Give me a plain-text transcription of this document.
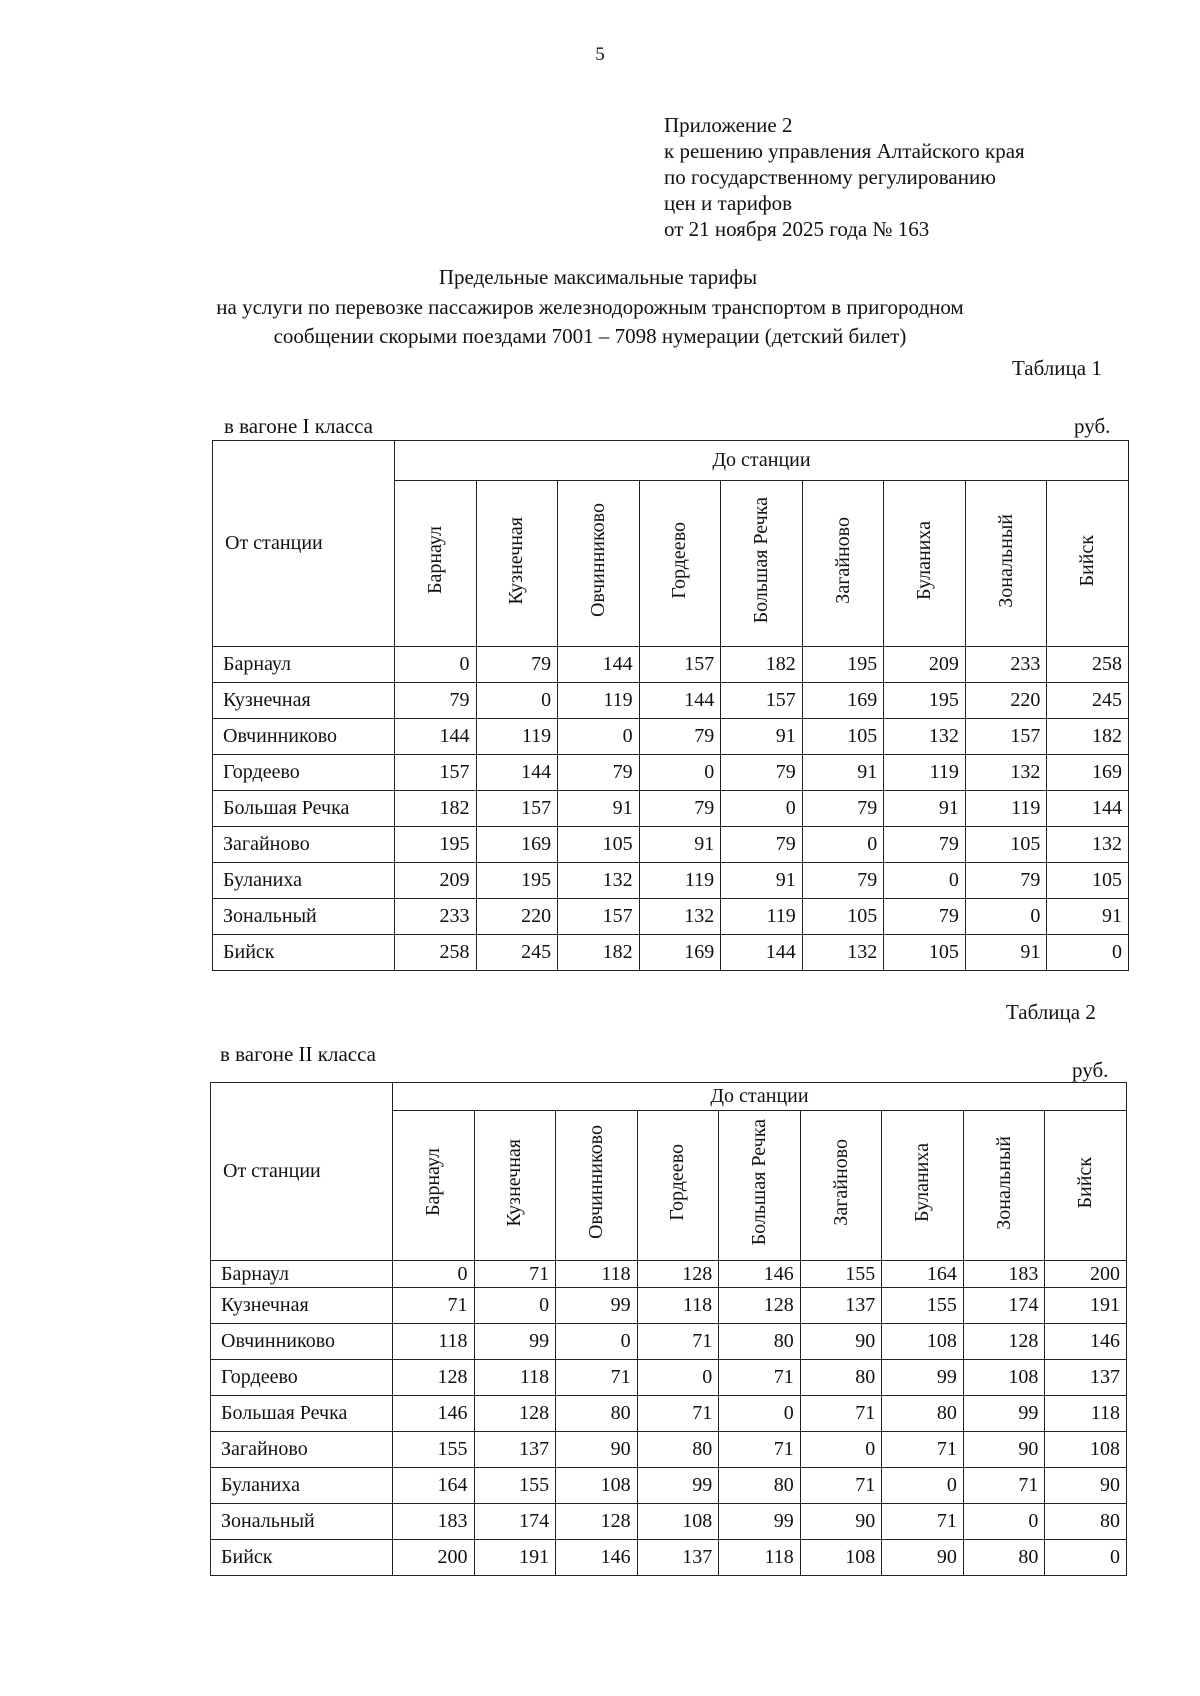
5
Приложение 2
к решению управления Алтайского края
по государственному регулированию
цен и тарифов
от 21 ноября 2025 года № 163
Предельные максимальные тарифы
на услуги по перевозке пассажиров железнодорожным транспортом в пригородном
сообщении скорыми поездами 7001 – 7098 нумерации (детский билет)
Таблица 1
в вагоне I класса	руб.
От станции	До станции								
	Барнаул	Кузнечная	Овчинниково	Гордеево	Большая Речка	Загайново	Буланиха	Зональный	Бийск
Барнаул	0	79	144	157	182	195	209	233	258
Кузнечная	79	0	119	144	157	169	195	220	245
Овчинниково	144	119	0	79	91	105	132	157	182
Гордеево	157	144	79	0	79	91	119	132	169
Большая Речка	182	157	91	79	0	79	91	119	144
Загайново	195	169	105	91	79	0	79	105	132
Буланиха	209	195	132	119	91	79	0	79	105
Зональный	233	220	157	132	119	105	79	0	91
Бийск	258	245	182	169	144	132	105	91	0
Таблица 2
в вагоне II класса
руб.
От станции	До станции								
	Барнаул	Кузнечная	Овчинниково	Гордеево	Большая Речка	Загайново	Буланиха	Зональный	Бийск
Барнаул	0	71	118	128	146	155	164	183	200
Кузнечная	71	0	99	118	128	137	155	174	191
Овчинниково	118	99	0	71	80	90	108	128	146
Гордеево	128	118	71	0	71	80	99	108	137
Большая Речка	146	128	80	71	0	71	80	99	118
Загайново	155	137	90	80	71	0	71	90	108
Буланиха	164	155	108	99	80	71	0	71	90
Зональный	183	174	128	108	99	90	71	0	80
Бийск	200	191	146	137	118	108	90	80	0
